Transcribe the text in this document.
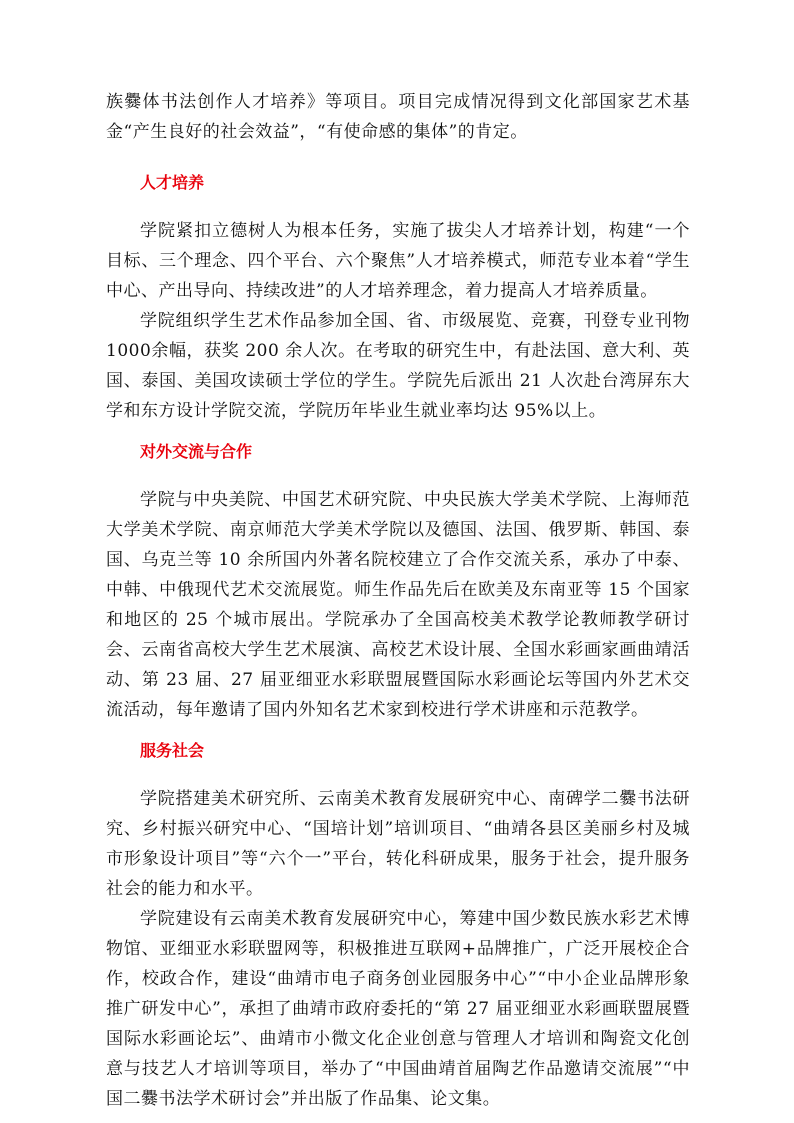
族爨体书法创作人才培养》等项目。项目完成情况得到文化部国家艺术基金“产生良好的社会效益”，“有使命感的集体”的肯定。

人才培养

学院紧扣立德树人为根本任务，实施了拔尖人才培养计划，构建“一个目标、三个理念、四个平台、六个聚焦”人才培养模式，师范专业本着“学生中心、产出导向、持续改进”的人才培养理念，着力提高人才培养质量。

学院组织学生艺术作品参加全国、省、市级展览、竞赛，刊登专业刊物1000余幅，获奖 200 余人次。在考取的研究生中，有赴法国、意大利、英国、泰国、美国攻读硕士学位的学生。学院先后派出 21 人次赴台湾屏东大学和东方设计学院交流，学院历年毕业生就业率均达 95%以上。

对外交流与合作

学院与中央美院、中国艺术研究院、中央民族大学美术学院、上海师范大学美术学院、南京师范大学美术学院以及德国、法国、俄罗斯、韩国、泰国、乌克兰等 10 余所国内外著名院校建立了合作交流关系，承办了中泰、中韩、中俄现代艺术交流展览。师生作品先后在欧美及东南亚等 15 个国家和地区的 25 个城市展出。学院承办了全国高校美术教学论教师教学研讨会、云南省高校大学生艺术展演、高校艺术设计展、全国水彩画家画曲靖活动、第 23 届、27 届亚细亚水彩联盟展暨国际水彩画论坛等国内外艺术交流活动，每年邀请了国内外知名艺术家到校进行学术讲座和示范教学。

服务社会

学院搭建美术研究所、云南美术教育发展研究中心、南碑学二爨书法研究、乡村振兴研究中心、“国培计划”培训项目、“曲靖各县区美丽乡村及城市形象设计项目”等“六个一”平台，转化科研成果，服务于社会，提升服务社会的能力和水平。

学院建设有云南美术教育发展研究中心，筹建中国少数民族水彩艺术博物馆、亚细亚水彩联盟网等，积极推进互联网+品牌推广，广泛开展校企合作，校政合作，建设“曲靖市电子商务创业园服务中心”“中小企业品牌形象推广研发中心”，承担了曲靖市政府委托的“第 27 届亚细亚水彩画联盟展暨国际水彩画论坛”、曲靖市小微文化企业创意与管理人才培训和陶瓷文化创意与技艺人才培训等项目，举办了“中国曲靖首届陶艺作品邀请交流展”“中国二爨书法学术研讨会”并出版了作品集、论文集。
